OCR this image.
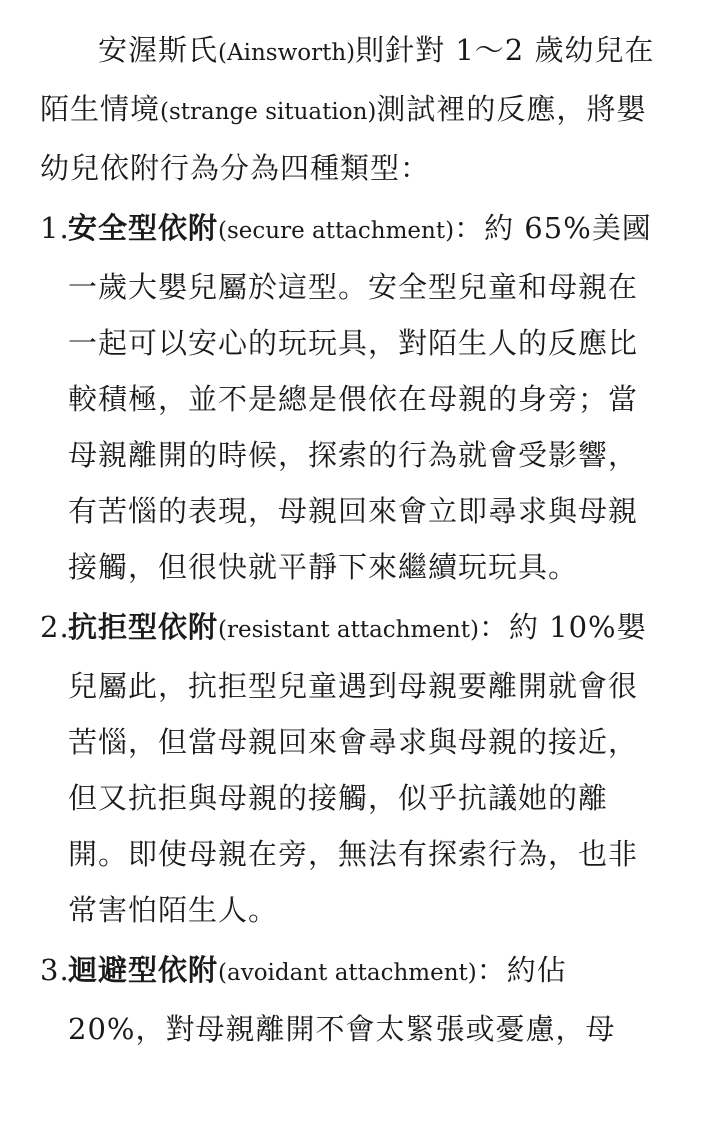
安渥斯氏(Ainsworth)則針對 1～2 歲幼兒在陌生情境(strange situation)測試裡的反應，將嬰幼兒依附行為分為四種類型：

1.
安全型依附(secure attachment)：約 65%美國一歲大嬰兒屬於這型。安全型兒童和母親在一起可以安心的玩玩具，對陌生人的反應比較積極，並不是總是偎依在母親的身旁；當母親離開的時候，探索的行為就會受影響，有苦惱的表現，母親回來會立即尋求與母親接觸，但很快就平靜下來繼續玩玩具。
2.
抗拒型依附(resistant attachment)：約 10%嬰兒屬此，抗拒型兒童遇到母親要離開就會很苦惱，但當母親回來會尋求與母親的接近，但又抗拒與母親的接觸，似乎抗議她的離開。即使母親在旁，無法有探索行為，也非常害怕陌生人。
3.
迴避型依附(avoidant attachment)：約佔 20%，對母親離開不會太緊張或憂慮，母
